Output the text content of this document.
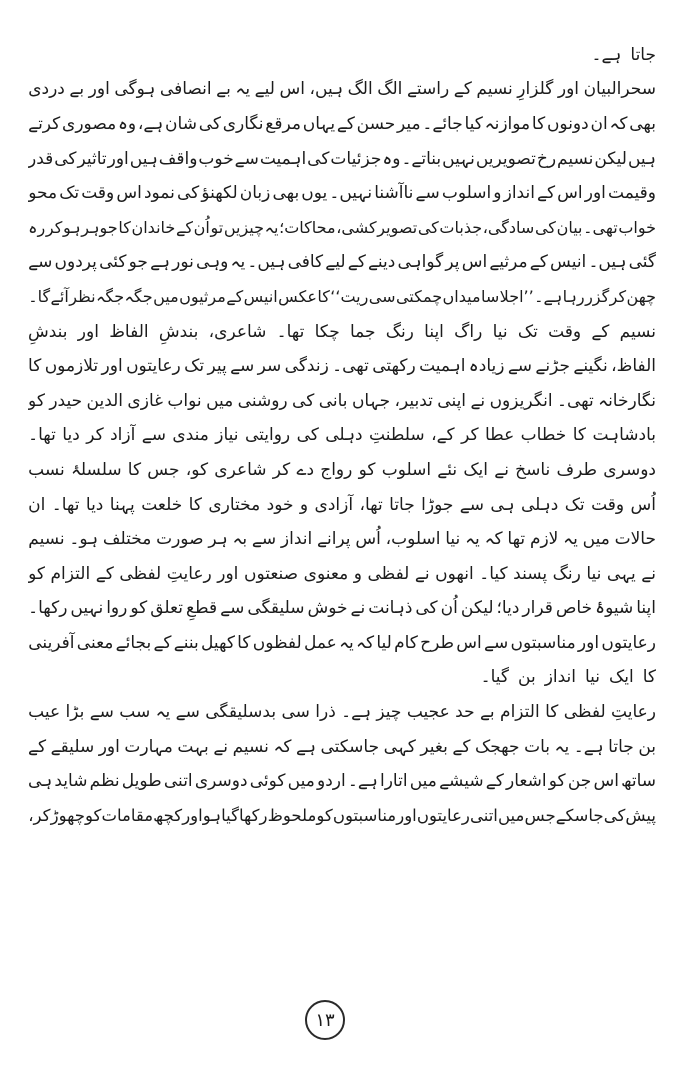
جاتا
ہے۔
سحرالبیان
اور
گلزارِ
نسیم
کے
راستے
الگ
الگ
ہیں،
اس
لیے
یہ
بے
انصافی
ہوگی
اور
بے
دردی
بھی
کہ
ان
دونوں
کا
موازنہ
کیا
جائے۔
میر
حسن
کے
یہاں
مرقع
نگاری
کی
شان
ہے،
وہ
مصوری
کرتے
ہیں
لیکن
نسیم
رخ
تصویریں
نہیں
بناتے۔
وہ
جزئیات
کی
اہمیت
سے
خوب
واقف
ہیں
اور
تاثیر
کی
قدر
وقیمت
اور
اس
کے
انداز
و
اسلوب
سے
ناآشنا
نہیں۔
یوں
بھی
زبان
لکھنؤ
کی
نمود
اس
وقت
تک
محو
خواب
تھی۔
بیان
کی
سادگی،
جذبات
کی
تصویر
کشی،
محاکات؛
یہ
چیزیں
تو
اُن
کے
خاندان
کا
جوہر
ہو
کر
رہ
گئی
ہیں۔
انیس
کے
مرثیے
اس
پر
گواہی
دینے
کے
لیے
کافی
ہیں۔
یہ
وہی
نور
ہے
جو
کئی
پردوں
سے
چھن
کر
گزر
رہا
ہے۔
’’اجلا
سا
میداں
چمکتی
سی
ریت‘‘
کا
عکس
انیس
کے
مرثیوں
میں
جگہ
جگہ
نظر
آئے
گا۔
نسیم
کے
وقت
تک
نیا
راگ
اپنا
رنگ
جما
چکا
تھا۔
شاعری،
بندشِ
الفاظ
اور
بندشِ
الفاظ،
نگینے
جڑنے
سے
زیادہ
اہمیت
رکھتی
تھی۔
زندگی
سر
سے
پیر
تک
رعایتوں
اور
تلازموں
کا
نگارخانہ
تھی۔
انگریزوں
نے
اپنی
تدبیر،
جہاں
بانی
کی
روشنی
میں
نواب
غازی
الدین
حیدر
کو
بادشاہت
کا
خطاب
عطا
کر
کے،
سلطنتِ
دہلی
کی
روایتی
نیاز
مندی
سے
آزاد
کر
دیا
تھا۔
دوسری
طرف
ناسخ
نے
ایک
نئے
اسلوب
کو
رواج
دے
کر
شاعری
کو،
جس
کا
سلسلۂ
نسب
اُس
وقت
تک
دہلی
ہی
سے
جوڑا
جاتا
تھا،
آزادی
و
خود
مختاری
کا
خلعت
پہنا
دیا
تھا۔
ان
حالات
میں
یہ
لازم
تھا
کہ
یہ
نیا
اسلوب،
اُس
پرانے
انداز
سے
بہ
ہر
صورت
مختلف
ہو۔
نسیم
نے
یہی
نیا
رنگ
پسند
کیا۔
انھوں
نے
لفظی
و
معنوی
صنعتوں
اور
رعایتِ
لفظی
کے
التزام
کو
اپنا
شیوۂ
خاص
قرار
دیا؛
لیکن
اُن
کی
ذہانت
نے
خوش
سلیقگی
سے
قطعِ
تعلق
کو
روا
نہیں
رکھا۔
رعایتوں
اور
مناسبتوں
سے
اس
طرح
کام
لیا
کہ
یہ
عمل
لفظوں
کا
کھیل
بننے
کے
بجائے
معنی
آفرینی
کا
ایک
نیا
انداز
بن
گیا۔
رعایتِ
لفظی
کا
التزام
بے
حد
عجیب
چیز
ہے۔
ذرا
سی
بدسلیقگی
سے
یہ
سب
سے
بڑا
عیب
بن
جاتا
ہے۔
یہ
بات
جھجک
کے
بغیر
کہی
جاسکتی
ہے
کہ
نسیم
نے
بہت
مہارت
اور
سلیقے
کے
ساتھ
اس
جن
کو
اشعار
کے
شیشے
میں
اتارا
ہے۔
اردو
میں
کوئی
دوسری
اتنی
طویل
نظم
شاید
ہی
پیش
کی
جاسکے
جس
میں
اتنی
رعایتوں
اور
مناسبتوں
کو
ملحوظ
رکھا
گیا
ہو
اور
کچھ
مقامات
کو
چھوڑ
کر،
۱۳
